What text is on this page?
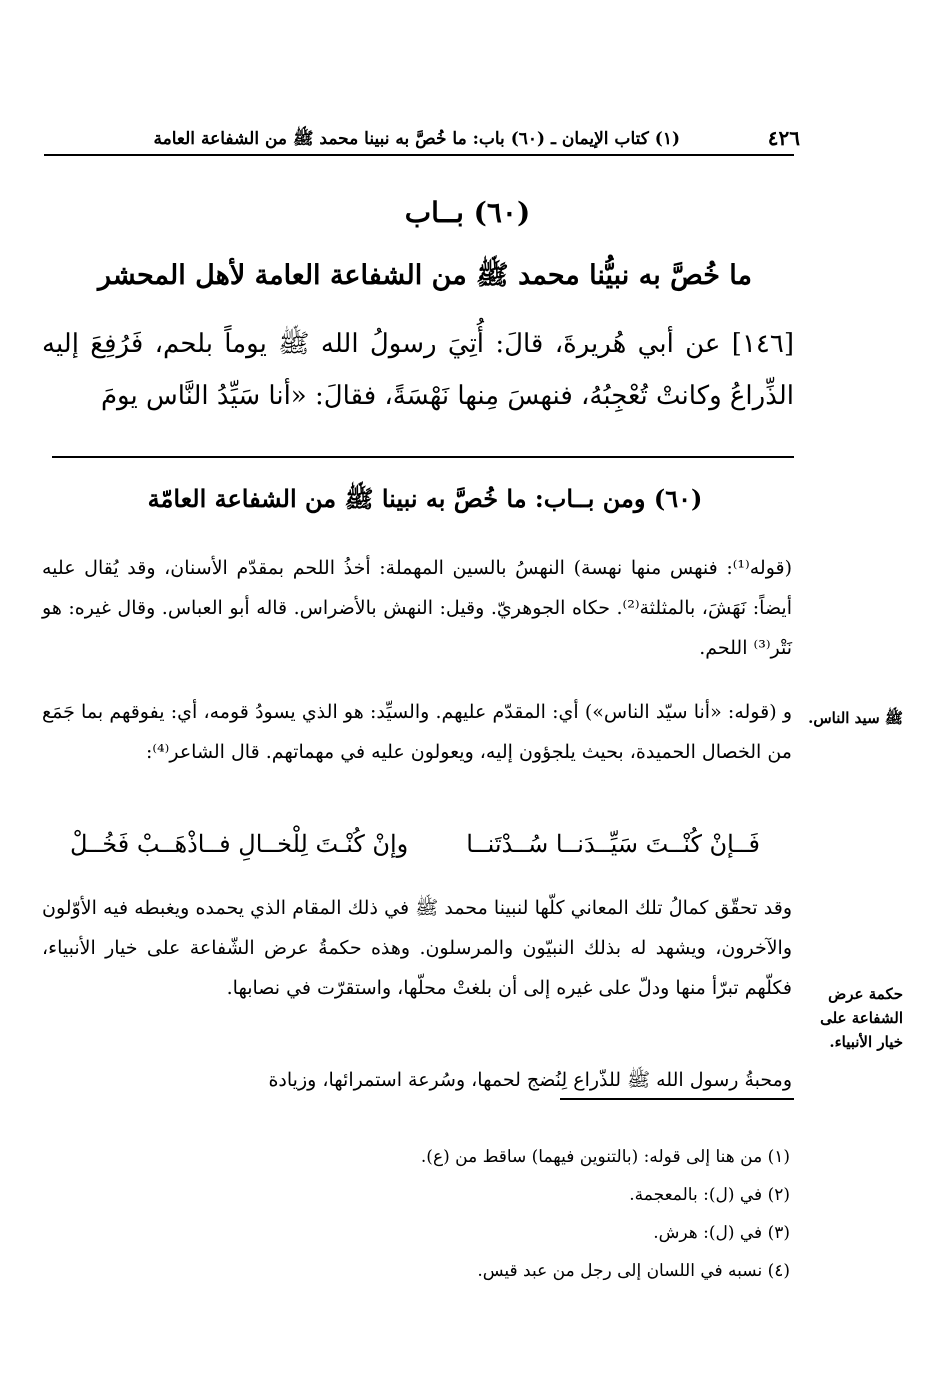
٤٢٦
(١) كتاب الإيمان ـ (٦٠) باب: ما خُصَّ به نبينا محمد ﷺ من الشفاعة العامة
(٦٠) بــاب
ما خُصَّ به نبيُّنا محمد ﷺ من الشفاعة العامة لأهل المحشر
[١٤٦] عن أبي هُريرةَ، قالَ: أُتِيَ رسولُ الله ﷺ يوماً بلحم، فَرُفِعَ إليه الذِّراعُ وكانتْ تُعْجِبُهُ، فنهسَ مِنها نَهْسَةً، فقالَ: «أنا سَيِّدُ النَّاس يومَ
(٦٠) ومن بــاب: ما خُصَّ به نبينا ﷺ من الشفاعة العامّة
(قوله⁽¹⁾: فنهس منها نهسة) النهسُ بالسين المهملة: أخذُ اللحم بمقدّم الأسنان، وقد يُقال عليه أيضاً: نَهَشَ، بالمثلثة⁽²⁾. حكاه الجوهريّ. وقيل: النهش بالأضراس. قاله أبو العباس. وقال غيره: هو نَتْر⁽³⁾ اللحم.
ﷺ سيد الناس.
و (قوله: «أنا سيّد الناس») أي: المقدّم عليهم. والسيِّد: هو الذي يسودُ قومه، أي: يفوقهم بما جَمَع من الخصال الحميدة، بحيث يلجؤون إليه، ويعولون عليه في مهماتهم. قال الشاعر⁽⁴⁾:
فَــإنْ كُنْــتَ سَيِّــدَنــا سُــدْتَنــا
وإنْ كُنْـتَ لِلْخــالِ فــاذْهَــبْ فَخُــلْ
حكمة عرض الشفاعة على خيار الأنبياء.
وقد تحقّق كمالُ تلك المعاني كلّها لنبينا محمد ﷺ في ذلك المقام الذي يحمده ويغبطه فيه الأوّلون والآخرون، ويشهد له بذلك النبيّون والمرسلون. وهذه حكمةُ عرض الشّفاعة على خيار الأنبياء، فكلّهم تبرّأ منها ودلّ على غيره إلى أن بلغتْ محلّها، واستقرّت في نصابها.
ومحبةُ رسول الله ﷺ للذّراع لِنُضج لحمها، وسُرعة استمرائها، وزيادة
(١) من هنا إلى قوله: (بالتنوين فيهما) ساقط من (ع).
(٢) في (ل): بالمعجمة.
(٣) في (ل): هرش.
(٤) نسبه في اللسان إلى رجل من عبد قيس.
